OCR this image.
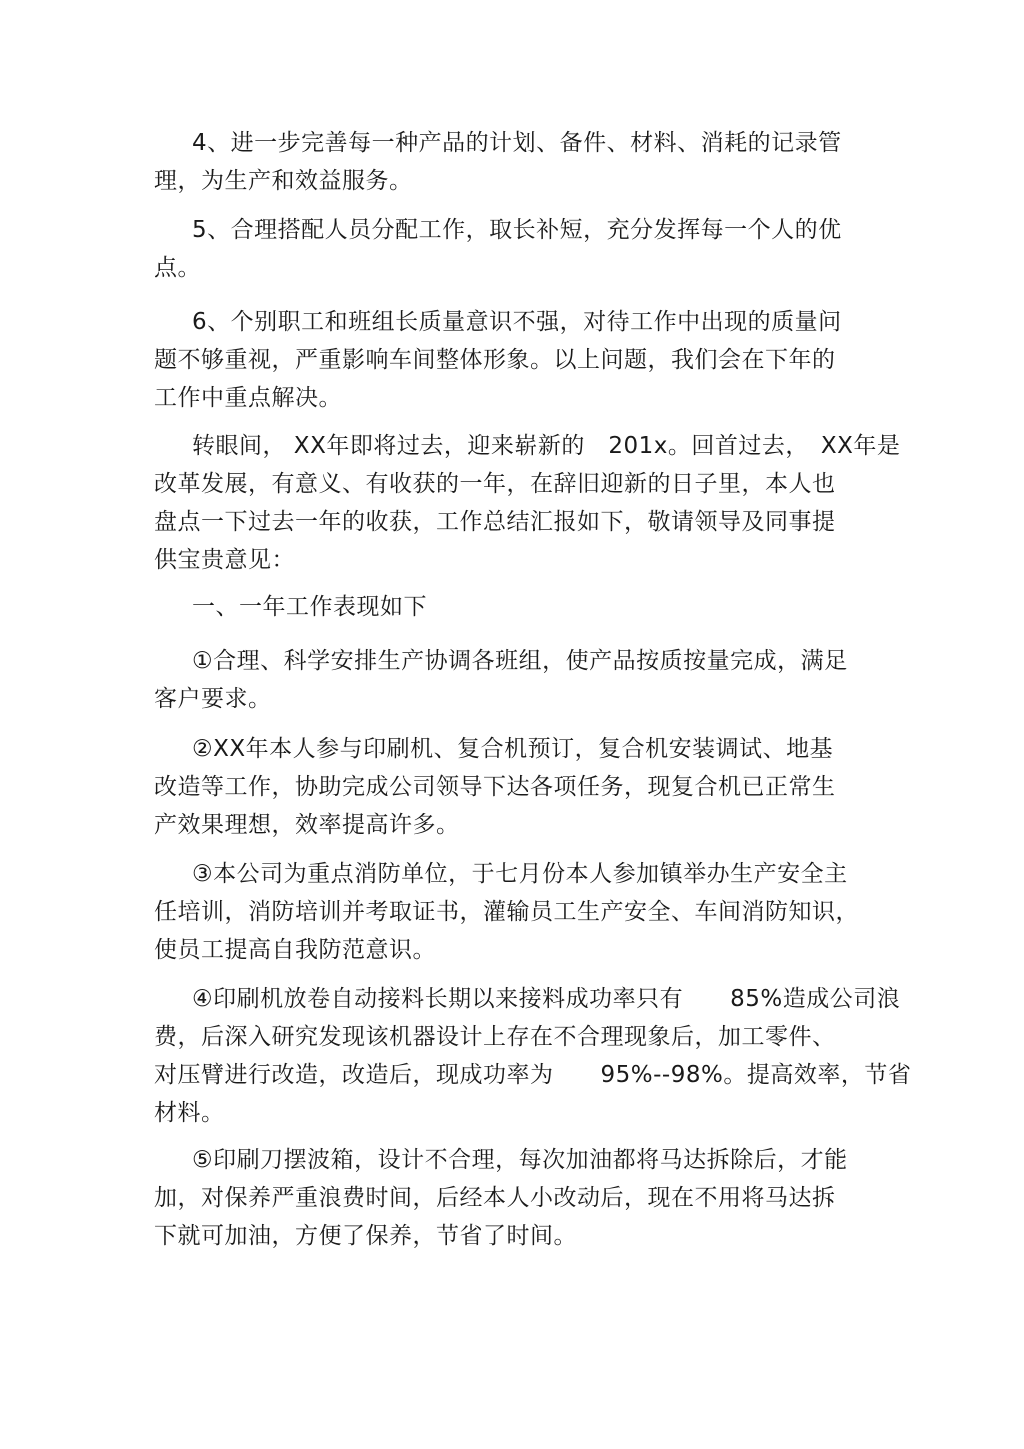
4、进一步完善每一种产品的计划、备件、材料、消耗的记录管
理，为生产和效益服务。
5、合理搭配人员分配工作，取长补短，充分发挥每一个人的优
点。
6、个别职工和班组长质量意识不强，对待工作中出现的质量问
题不够重视，严重影响车间整体形象。以上问题，我们会在下年的
工作中重点解决。
转眼间， XX年即将过去，迎来崭新的　201x。回首过去，　XX年是
改革发展，有意义、有收获的一年，在辞旧迎新的日子里，本人也
盘点一下过去一年的收获，工作总结汇报如下，敬请领导及同事提
供宝贵意见：
一、一年工作表现如下
①合理、科学安排生产协调各班组，使产品按质按量完成，满足
客户要求。
②XX年本人参与印刷机、复合机预订，复合机安装调试、地基
改造等工作，协助完成公司领导下达各项任务，现复合机已正常生
产效果理想，效率提高许多。
③本公司为重点消防单位，于七月份本人参加镇举办生产安全主
任培训，消防培训并考取证书，灌输员工生产安全、车间消防知识，
使员工提高自我防范意识。
④印刷机放卷自动接料长期以来接料成功率只有　　85%造成公司浪
费，后深入研究发现该机器设计上存在不合理现象后，加工零件、
对压臂进行改造，改造后，现成功率为　　95%--98%。提高效率，节省
材料。
⑤印刷刀摆波箱，设计不合理，每次加油都将马达拆除后，才能
加，对保养严重浪费时间，后经本人小改动后，现在不用将马达拆
下就可加油，方便了保养，节省了时间。
